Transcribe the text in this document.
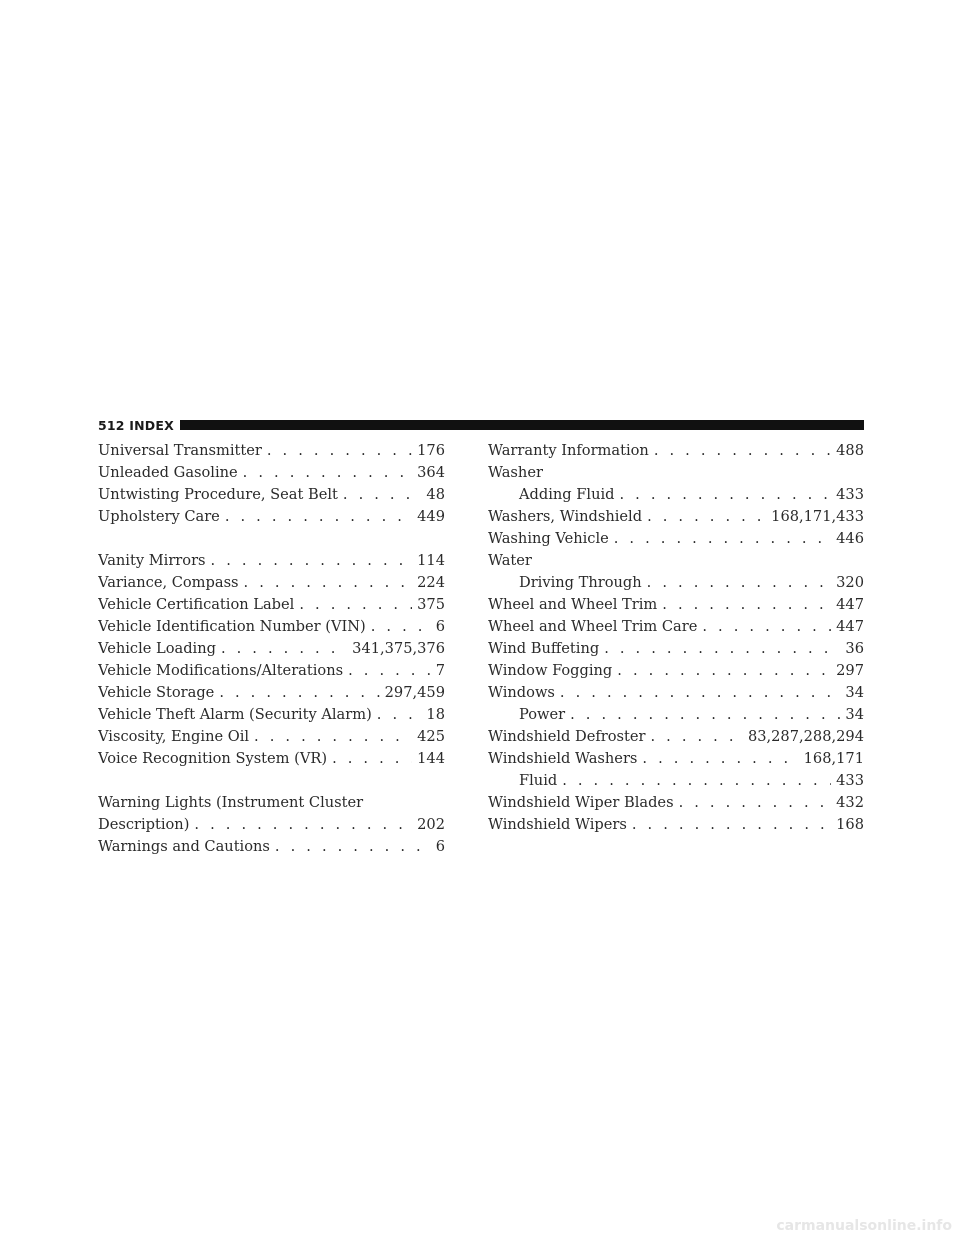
512 INDEX
Universal Transmitter . . .	176
Unleaded Gasoline . . .	364
Untwisting Procedure, Seat Belt . . .	48
Upholstery Care . . .	449
Vanity Mirrors . . .	114
Variance, Compass . . .	224
Vehicle Certification Label . . .	375
Vehicle Identification Number (VIN) . . .	6
Vehicle Loading . . .	341,375,376
Vehicle Modifications/Alterations . . .	7
Vehicle Storage . . .	297,459
Vehicle Theft Alarm (Security Alarm) . . .	18
Viscosity, Engine Oil . . .	425
Voice Recognition System (VR) . . .	144
Warning Lights (Instrument Cluster
Description) . . .	202
Warnings and Cautions . . .	6
Warranty Information . . .	488
Washer
Adding Fluid . . .	433
Washers, Windshield . . .	168,171,433
Washing Vehicle . . .	446
Water
Driving Through . . .	320
Wheel and Wheel Trim . . .	447
Wheel and Wheel Trim Care . . .	447
Wind Buffeting . . .	36
Window Fogging . . .	297
Windows . . .	34
Power . . .	34
Windshield Defroster . . .	83,287,288,294
Windshield Washers . . .	168,171
Fluid . . .	433
Windshield Wiper Blades . . .	432
Windshield Wipers . . .	168
carmanualsonline.info
